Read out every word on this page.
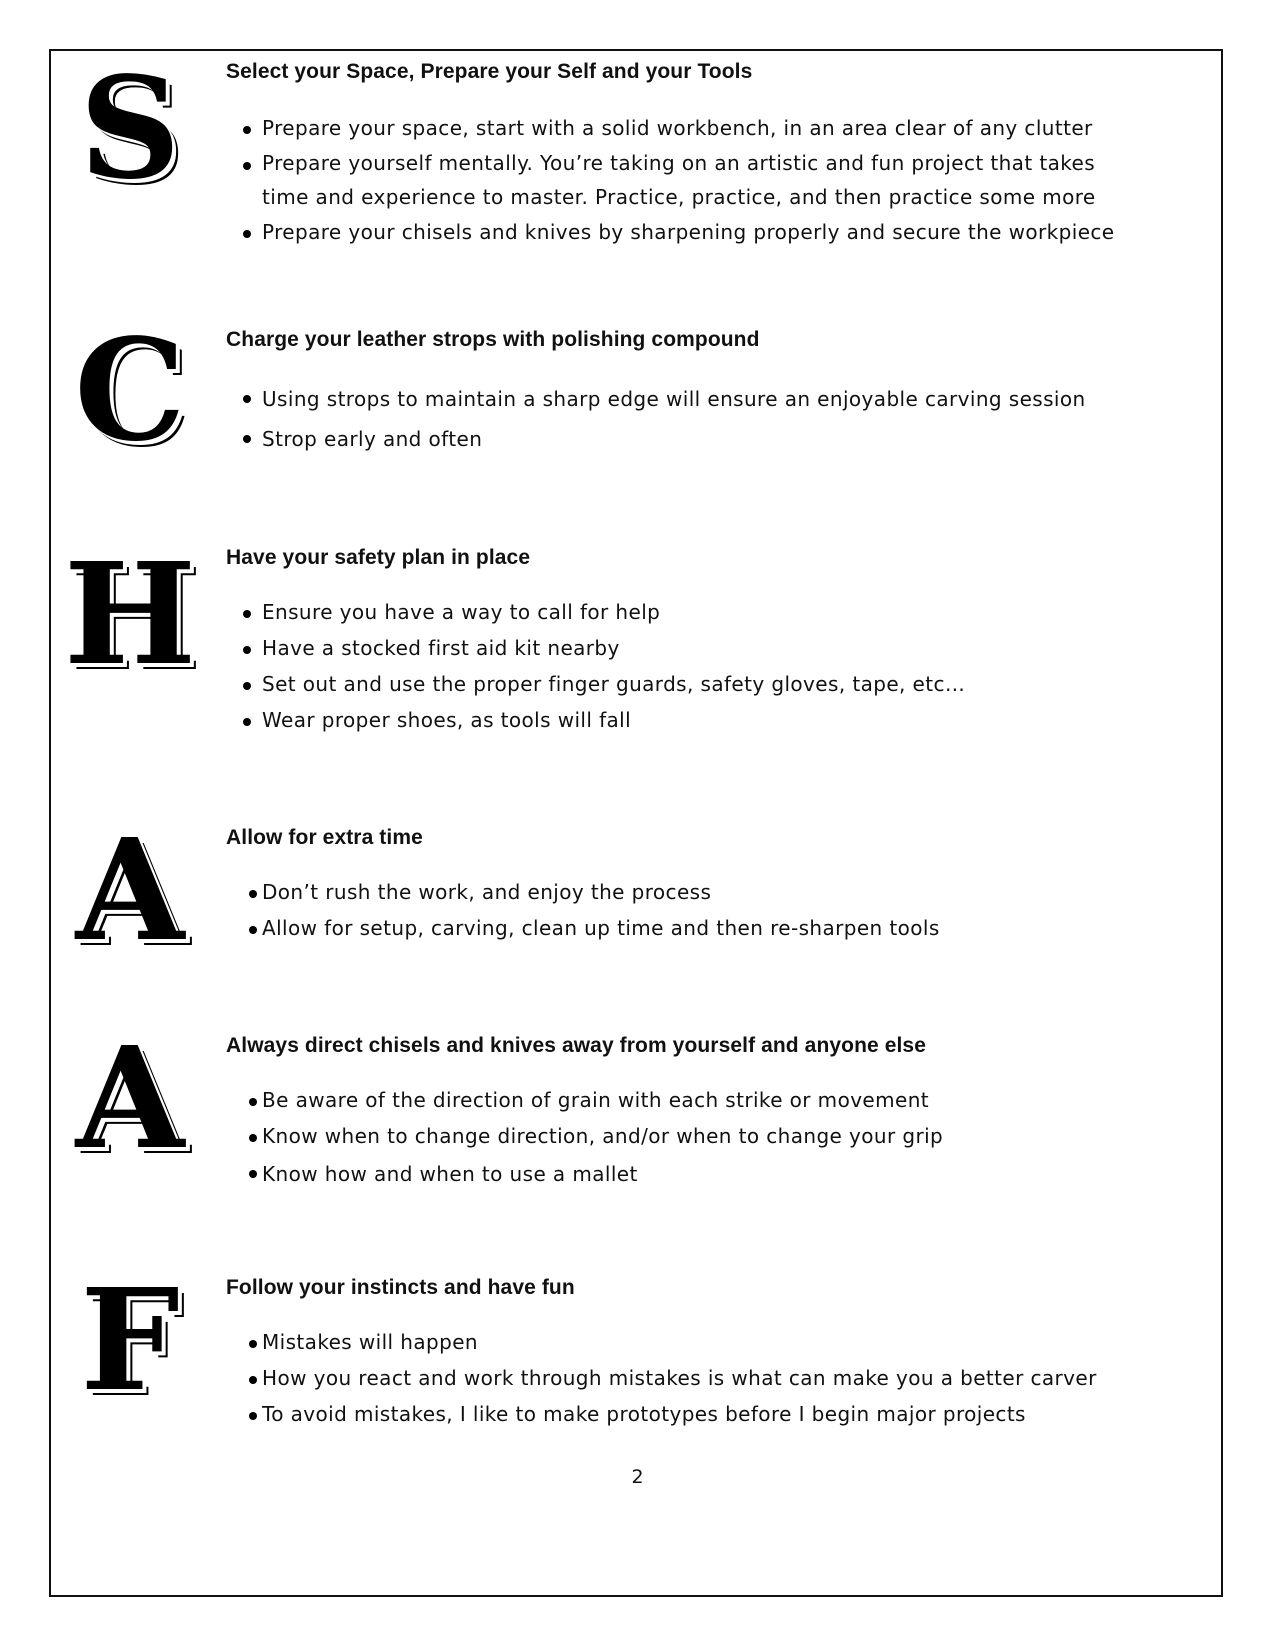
S	Select your Space, Prepare your Self and your Tools
Prepare your space, start with a solid workbench, in an area clear of any clutter
Prepare yourself mentally. You’re taking on an artistic and fun project that takes time and experience to master. Practice, practice, and then practice some more
Prepare your chisels and knives by sharpening properly and secure the workpiece
C	Charge your leather strops with polishing compound
Using strops to maintain a sharp edge will ensure an enjoyable carving session
Strop early and often
H	Have your safety plan in place
Ensure you have a way to call for help
Have a stocked first aid kit nearby
Set out and use the proper finger guards, safety gloves, tape, etc…
Wear proper shoes, as tools will fall
A	Allow for extra time
Don’t rush the work, and enjoy the process
Allow for setup, carving, clean up time and then re-sharpen tools
A	Always direct chisels and knives away from yourself and anyone else
Be aware of the direction of grain with each strike or movement
Know when to change direction, and/or when to change your grip
Know how and when to use a mallet
F	Follow your instincts and have fun
Mistakes will happen
How you react and work through mistakes is what can make you a better carver
To avoid mistakes, I like to make prototypes before I begin major projects
2
